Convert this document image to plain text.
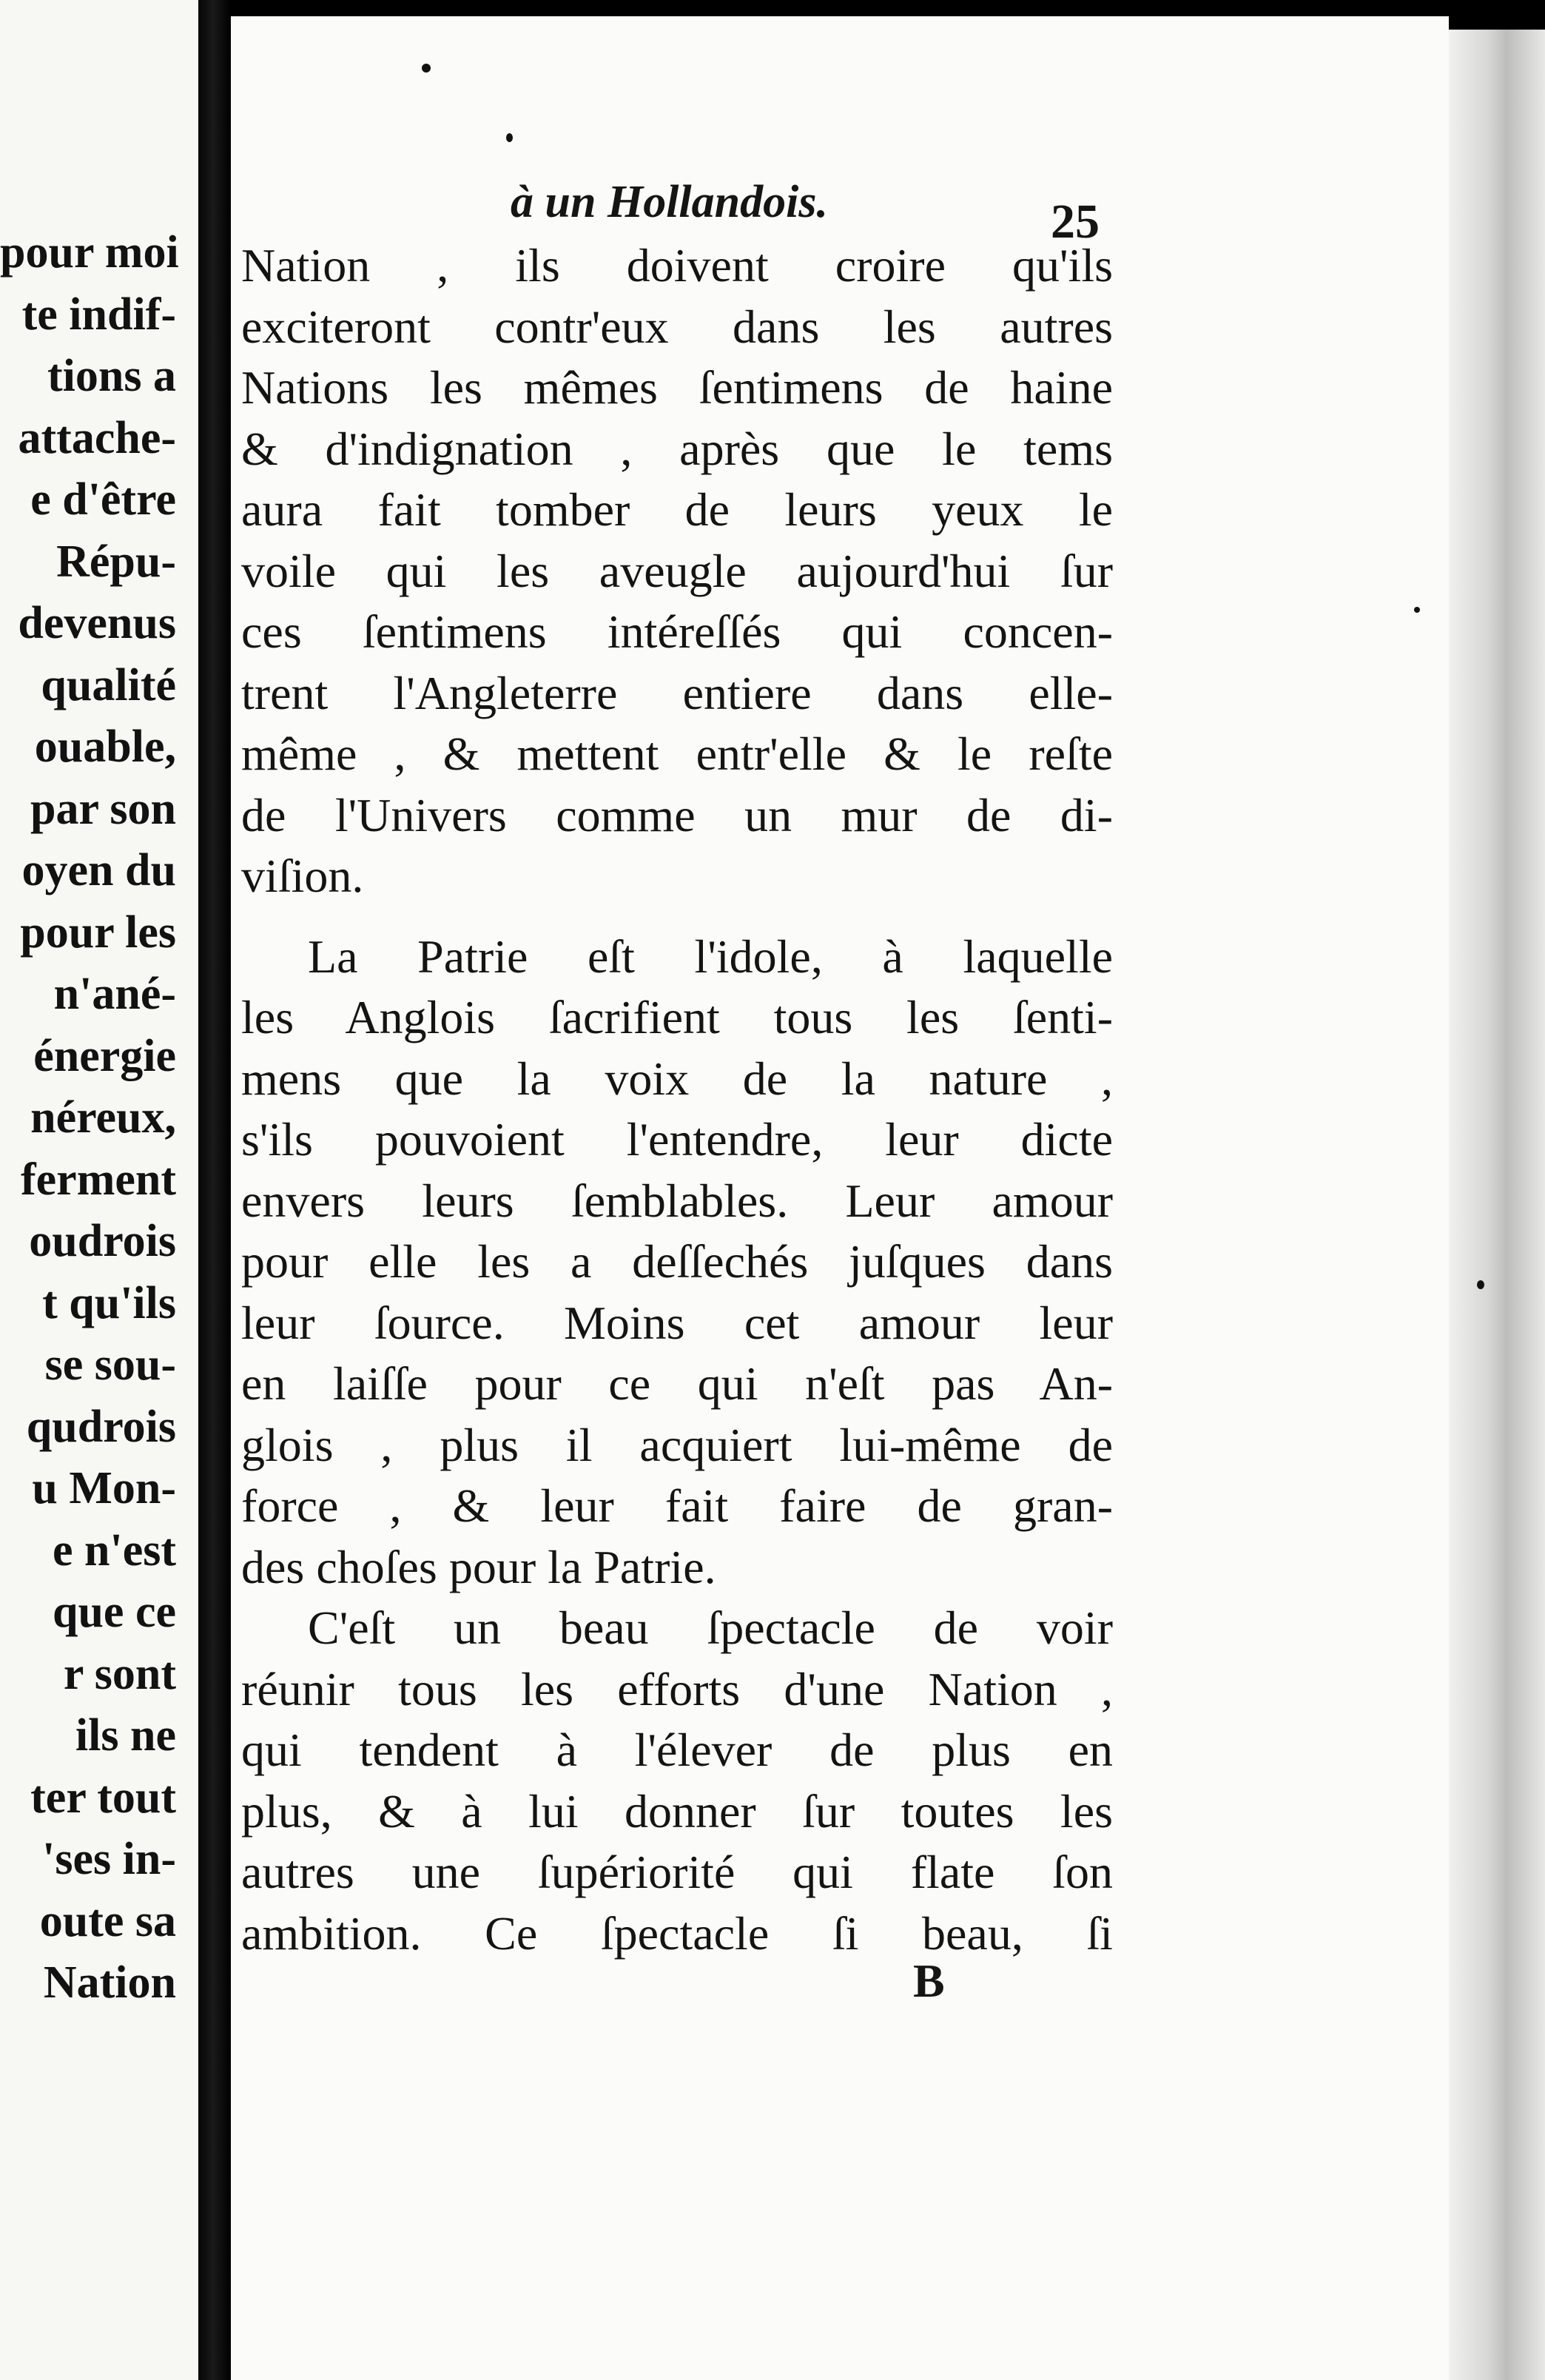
pour moi
te indif-
tions a
attache-
e d'être
Répu-
devenus
qualité
ouable,
par son
oyen du
pour les
n'ané-
énergie
néreux,
ferment
oudrois
t qu'ils
se sou-
qudrois
u Mon-
e n'est
que ce
r sont
ils ne
ter tout
'ses in-
oute sa
Nation
à un Hollandois.	25
Nation , ils doivent croire qu'ils
exciteront contr'eux dans les autres
Nations les mêmes ſentimens de haine
& d'indignation , après que le tems
aura fait tomber de leurs yeux le
voile qui les aveugle aujourd'hui ſur
ces ſentimens intéreſſés qui concen-
trent l'Angleterre entiere dans elle-
même , & mettent entr'elle & le reſte
de l'Univers comme un mur de di-
viſion.
La Patrie eſt l'idole, à laquelle
les Anglois ſacrifient tous les ſenti-
mens que la voix de la nature ,
s'ils pouvoient l'entendre, leur dicte
envers leurs ſemblables. Leur amour
pour elle les a deſſechés juſques dans
leur ſource. Moins cet amour leur
en laiſſe pour ce qui n'eſt pas An-
glois , plus il acquiert lui-même de
force , & leur fait faire de gran-
des choſes pour la Patrie.
C'eſt un beau ſpectacle de voir
réunir tous les efforts d'une Nation ,
qui tendent à l'élever de plus en
plus, & à lui donner ſur toutes les
autres une ſupériorité qui flate ſon
ambition. Ce ſpectacle ſi beau, ſi
B
